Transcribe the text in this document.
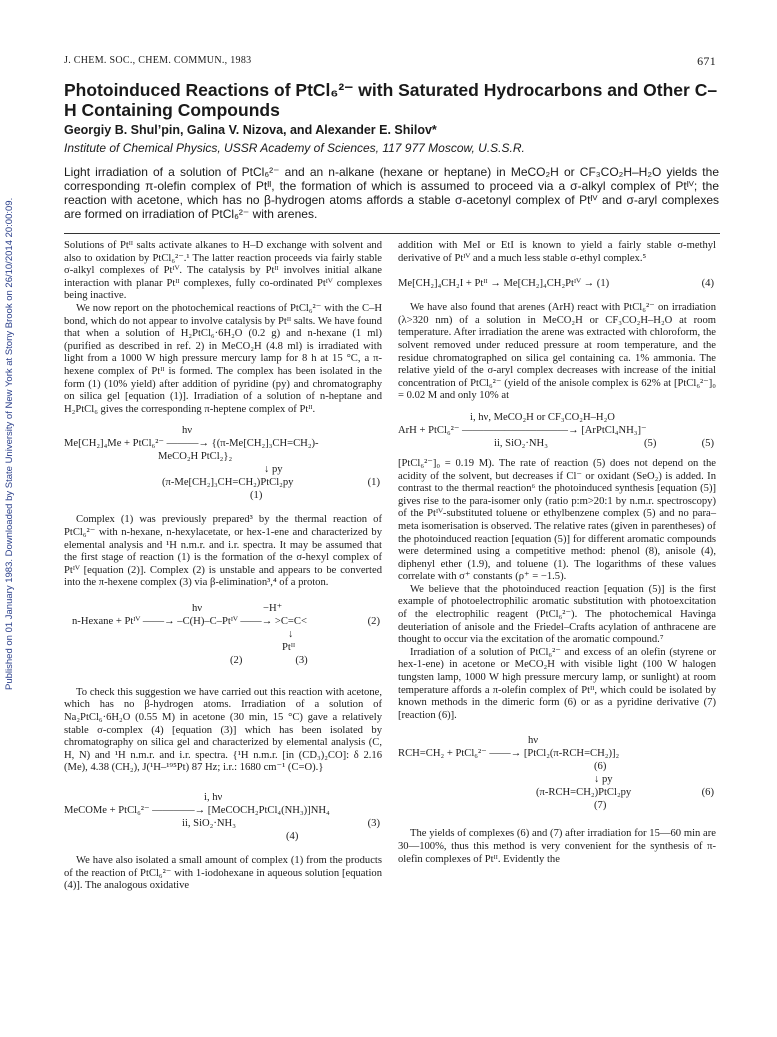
Published on 01 January 1983. Downloaded by State University of New York at Stony Brook on 26/10/2014 20:00:09.
J. CHEM. SOC., CHEM. COMMUN., 1983	671
Photoinduced Reactions of PtCl₆²⁻ with Saturated Hydrocarbons and Other C–H Containing Compounds
Georgiy B. Shul’pin, Galina V. Nizova, and Alexander E. Shilov*
Institute of Chemical Physics, USSR Academy of Sciences, 117 977 Moscow, U.S.S.R.
Light irradiation of a solution of PtCl₆²⁻ and an n-alkane (hexane or heptane) in MeCO₂H or CF₃CO₂H–H₂O yields the corresponding π-olefin complex of Ptᴵᴵ, the formation of which is assumed to proceed via a σ-alkyl complex of Ptᴵⱽ; the reaction with acetone, which has no β-hydrogen atoms affords a stable σ-acetonyl complex of Ptᴵⱽ and σ-aryl complexes are formed on irradiation of PtCl₆²⁻ with arenes.

Solutions of Ptᴵᴵ salts activate alkanes to H–D exchange with solvent and also to oxidation by PtCl₆²⁻.¹ The latter reaction proceeds via fairly stable σ-alkyl complexes of Ptᴵⱽ. The catalysis by Ptᴵᴵ involves initial alkane interaction with planar Ptᴵᴵ complexes, fully co-ordinated Ptᴵⱽ complexes being inactive.

We now report on the photochemical reactions of PtCl₆²⁻ with the C–H bond, which do not appear to involve catalysis by Ptᴵᴵ salts. We have found that when a solution of H₂PtCl₆·6H₂O (0.2 g) and n-hexane (1 ml) (purified as described in ref. 2) in MeCO₂H (4.8 ml) is irradiated with light from a 1000 W high pressure mercury lamp for 8 h at 15 °C, a π-hexene complex of Ptᴵᴵ is formed. The complex has been isolated in the form (1) (10% yield) after addition of pyridine (py) and chromatography on silica gel [equation (1)]. Irradiation of a solution of n-heptane and H₂PtCl₆ gives the corresponding π-heptene complex of Ptᴵᴵ.

hν
Me[CH₂]₄Me + PtCl₆²⁻ ———→ {(π-Me[CH₂]₃CH=CH₂)-
MeCO₂H PtCl₂}₂
↓ py
(π-Me[CH₂]₃CH=CH₂)PtCl₂py	(1)
(1)

Complex (1) was previously prepared³ by the thermal reaction of PtCl₆²⁻ with n-hexane, n-hexylacetate, or hex-1-ene and characterized by elemental analysis and ¹H n.m.r. and i.r. spectra. It may be assumed that the first stage of reaction (1) is the formation of the σ-hexyl complex of Ptᴵⱽ [equation (2)]. Complex (2) is unstable and appears to be converted into the π-hexene complex (3) via β-elimination³,⁴ of a proton.

hν                       −H⁺
n-Hexane + Ptᴵⱽ ——→ –C(H)–C–Ptᴵⱽ ——→ >C=C<	(2)
↓
Ptᴵᴵ
(2)                    (3)

To check this suggestion we have carried out this reaction with acetone, which has no β-hydrogen atoms. Irradiation of a solution of Na₂PtCl₆·6H₂O (0.55 M) in acetone (30 min, 15 °C) gave a relatively stable σ-complex (4) [equation (3)] which has been isolated by chromatography on silica gel and characterized by elemental analysis (C, H, N) and ¹H n.m.r. and i.r. spectra. {¹H n.m.r. [in (CD₃)₂CO]: δ 2.16 (Me), 4.38 (CH₂), J(¹H–¹⁹⁵Pt) 87 Hz; i.r.: 1680 cm⁻¹ (C=O).}

i, hν
MeCOMe + PtCl₆²⁻ ————→ [MeCOCH₂PtCl₄(NH₃)]NH₄
ii, SiO₂·NH₃	(3)
(4)

We have also isolated a small amount of complex (1) from the products of the reaction of PtCl₆²⁻ with 1-iodohexane in aqueous solution [equation (4)]. The analogous oxidative

addition with MeI or EtI is known to yield a fairly stable σ-methyl derivative of Ptᴵⱽ and a much less stable σ-ethyl complex.⁵

Me[CH₂]₄CH₂I + Ptᴵᴵ → Me[CH₂]₄CH₂Ptᴵⱽ → (1)	(4)

We have also found that arenes (ArH) react with PtCl₆²⁻ on irradiation (λ>320 nm) of a solution in MeCO₂H or CF₃CO₂H–H₂O at room temperature. After irradiation the arene was extracted with chloroform, the solvent removed under reduced pressure at room temperature, and the residue chromatographed on silica gel containing ca. 1% ammonia. The relative yield of the σ-aryl complex decreases with increase of the initial concentration of PtCl₆²⁻ (yield of the anisole complex is 62% at [PtCl₆²⁻]₀ = 0.02 M and only 10% at

i, hν, MeCO₂H or CF₃CO₂H–H₂O
ArH + PtCl₆²⁻ ——————————→ [ArPtCl₄NH₃]⁻
ii, SiO₂·NH₃	(5)	(5)

[PtCl₆²⁻]₀ = 0.19 M). The rate of reaction (5) does not depend on the acidity of the solvent, but decreases if Cl⁻ or oxidant (SeO₂) is added. In contrast to the thermal reaction⁶ the photoinduced synthesis [equation (5)] gives rise to the para-isomer only (ratio p:m>20:1 by n.m.r. spectroscopy) of the Ptᴵⱽ-substituted toluene or ethylbenzene complex (5) and no para–meta isomerisation is observed. The relative rates (given in parentheses) of the photoinduced reaction [equation (5)] for different aromatic compounds were determined using a competitive method: phenol (8), anisole (4), diphenyl ether (1.9), and toluene (1). The logarithms of these values correlate with σ⁺ constants (ρ⁺ = −1.5).

We believe that the photoinduced reaction [equation (5)] is the first example of photoelectrophilic aromatic substitution with photoexcitation of the electrophilic reagent (PtCl₆²⁻). The photochemical Havinga deuteriation of anisole and the Friedel–Crafts acylation of anthracene are thought to occur via the excitation of the aromatic compound.⁷

Irradiation of a solution of PtCl₆²⁻ and excess of an olefin (styrene or hex-1-ene) in acetone or MeCO₂H with visible light (100 W halogen tungsten lamp, 1000 W high pressure mercury lamp, or sunlight) at room temperature affords a π-olefin complex of Ptᴵᴵ, which could be isolated by known methods in the dimeric form (6) or as a pyridine derivative (7) [reaction (6)].

hν
RCH=CH₂ + PtCl₆²⁻ ——→ [PtCl₂(π-RCH=CH₂)]₂
(6)
↓ py
(π-RCH=CH₂)PtCl₂py	(6)
(7)

The yields of complexes (6) and (7) after irradiation for 15—60 min are 30—100%, thus this method is very convenient for the synthesis of π-olefin complexes of Ptᴵᴵ. Evidently the
